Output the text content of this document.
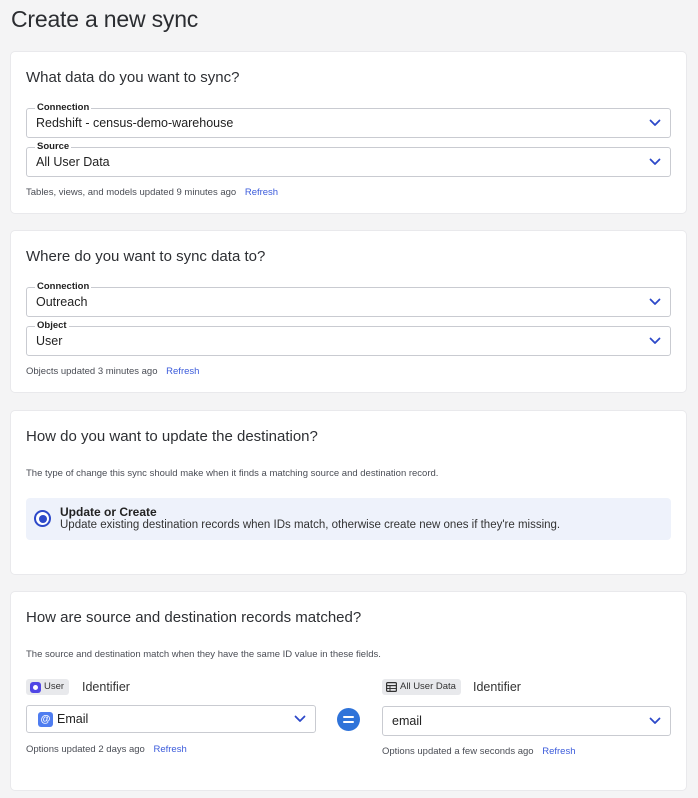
Create a new sync
What data do you want to sync?
Connection
Redshift - census-demo-warehouse
Source
All User Data
Tables, views, and models updated 9 minutes ago Refresh
Where do you want to sync data to?
Connection
Outreach
Object
User
Objects updated 3 minutes ago Refresh
How do you want to update the destination?
The type of change this sync should make when it finds a matching source and destination record.
Update or Create
Update existing destination records when IDs match, otherwise create new ones if they're missing.
How are source and destination records matched?
The source and destination match when they have the same ID value in these fields.
User Identifier
@ Email
Options updated 2 days ago Refresh
All User Data Identifier
email
Options updated a few seconds ago Refresh
